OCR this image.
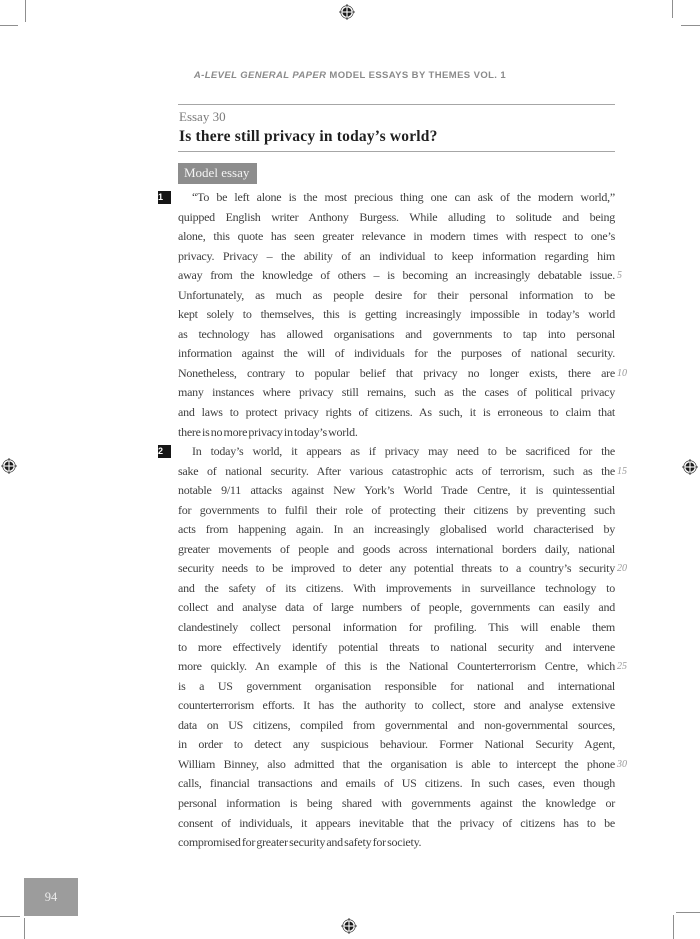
A-LEVEL GENERAL PAPER MODEL ESSAYS BY THEMES VOL. 1
Essay 30
Is there still privacy in today’s world?
Model essay
“To be left alone is the most precious thing one can ask of the modern world,”
1
quipped English writer Anthony Burgess. While alluding to solitude and being
alone, this quote has seen greater relevance in modern times with respect to one’s
privacy. Privacy – the ability of an individual to keep information regarding him
away from the knowledge of others – is becoming an increasingly debatable issue. 5
Unfortunately, as much as people desire for their personal information to be
kept solely to themselves, this is getting increasingly impossible in today’s world
as technology has allowed organisations and governments to tap into personal
information against the will of individuals for the purposes of national security.
Nonetheless, contrary to popular belief that privacy no longer exists, there are 10
many instances where privacy still remains, such as the cases of political privacy
and laws to protect privacy rights of citizens. As such, it is erroneous to claim that
there is no more privacy in today’s world.
In today’s world, it appears as if privacy may need to be sacrificed for the
2
sake of national security. After various catastrophic acts of terrorism, such as the 15
notable 9/11 attacks against New York’s World Trade Centre, it is quintessential
for governments to fulfil their role of protecting their citizens by preventing such
acts from happening again. In an increasingly globalised world characterised by
greater movements of people and goods across international borders daily, national
security needs to be improved to deter any potential threats to a country’s security 20
and the safety of its citizens. With improvements in surveillance technology to
collect and analyse data of large numbers of people, governments can easily and
clandestinely collect personal information for profiling. This will enable them
to more effectively identify potential threats to national security and intervene
more quickly. An example of this is the National Counterterrorism Centre, which 25
is a US government organisation responsible for national and international
counterterrorism efforts. It has the authority to collect, store and analyse extensive
data on US citizens, compiled from governmental and non-governmental sources,
in order to detect any suspicious behaviour. Former National Security Agent,
William Binney, also admitted that the organisation is able to intercept the phone 30
calls, financial transactions and emails of US citizens. In such cases, even though
personal information is being shared with governments against the knowledge or
consent of individuals, it appears inevitable that the privacy of citizens has to be
compromised for greater security and safety for society.
94
